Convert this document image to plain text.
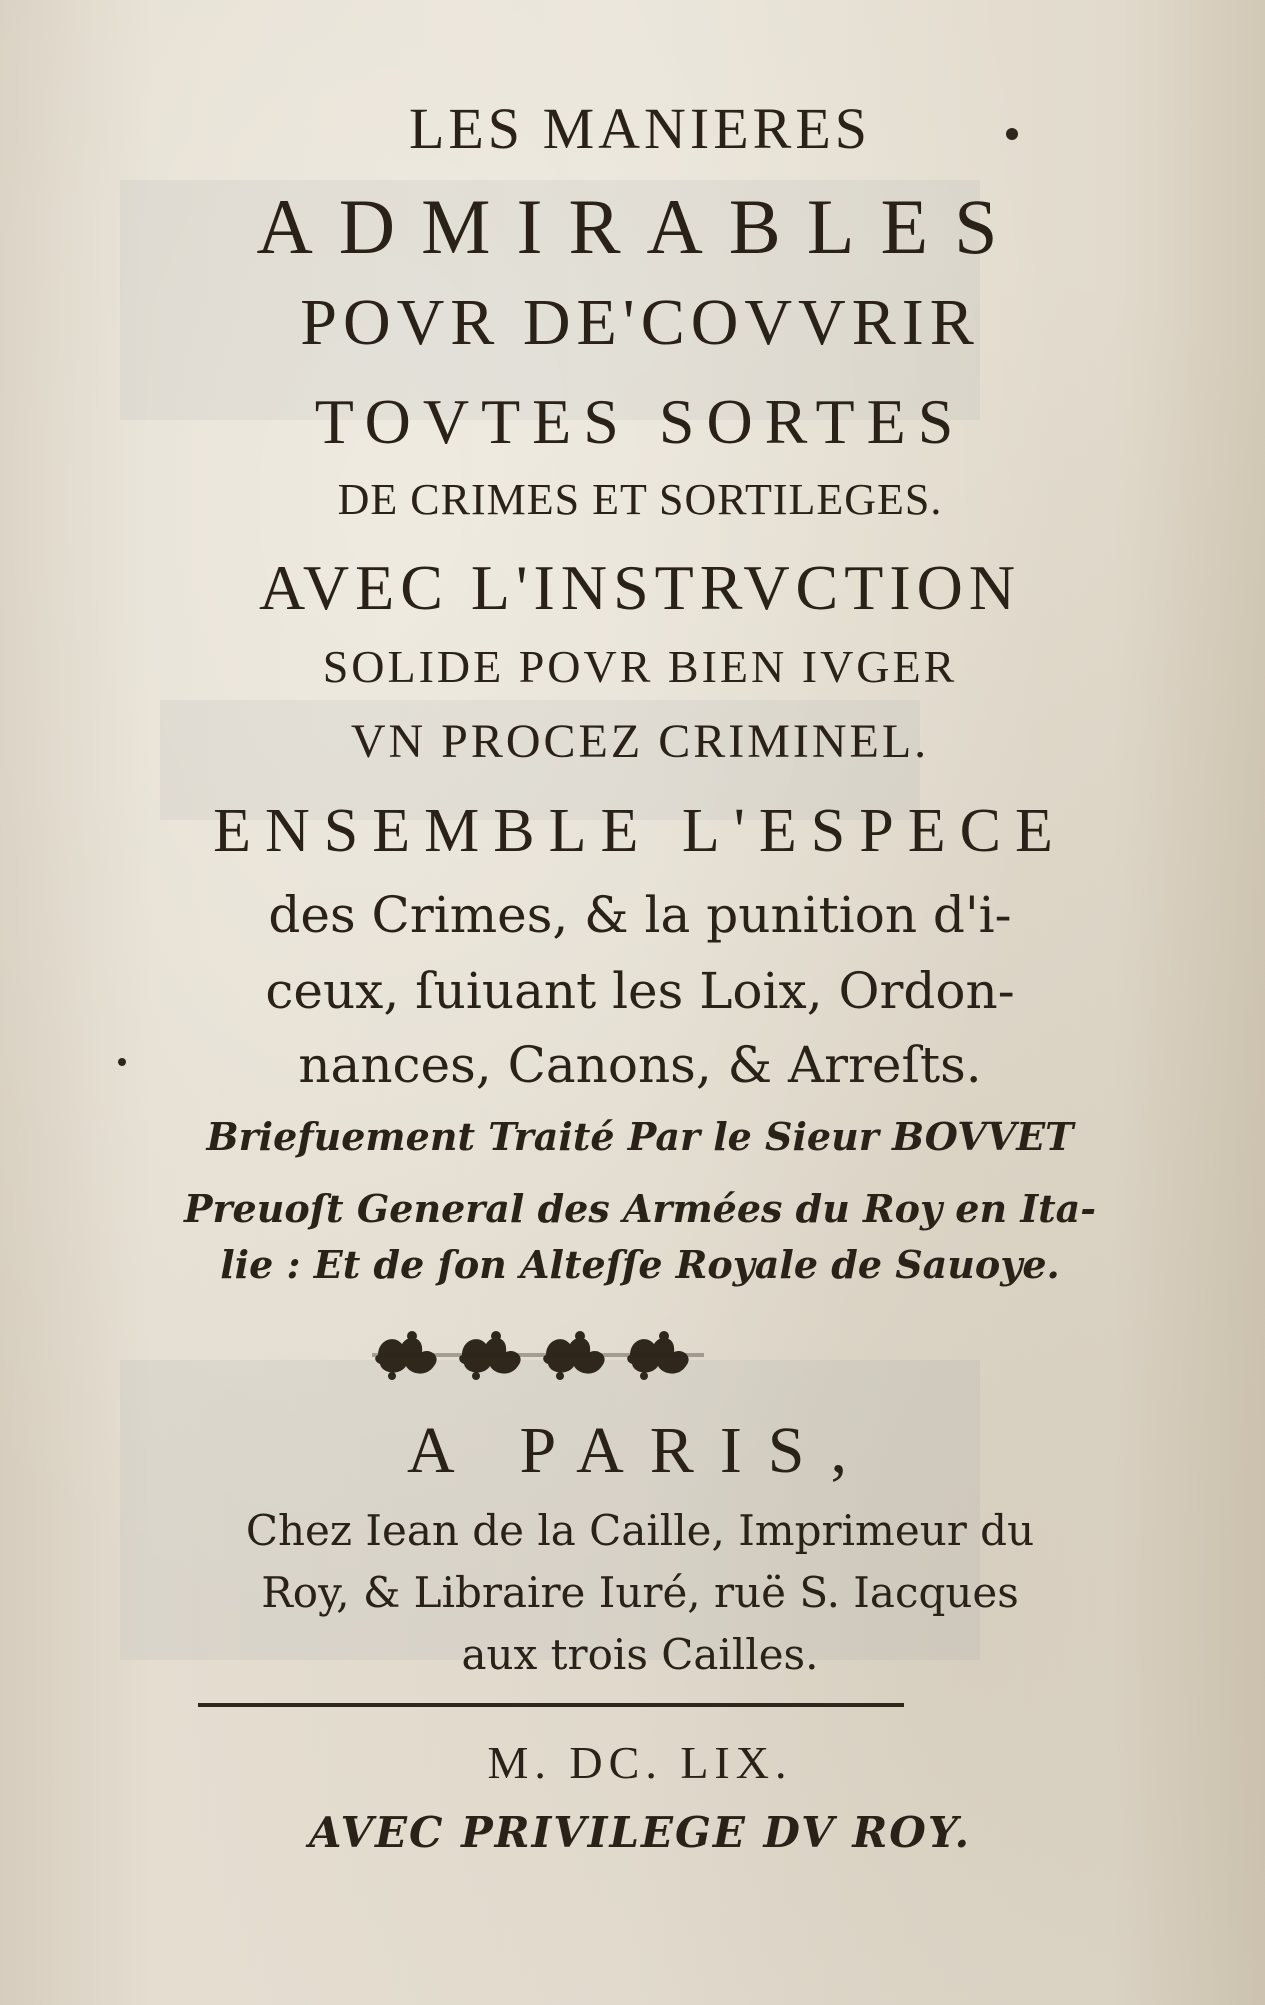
LES MANIERES
ADMIRABLES
POVR DE'COVVRIR
TOVTES SORTES
DE CRIMES ET SORTILEGES.
AVEC L'INSTRVCTION
SOLIDE POVR BIEN IVGER
VN PROCEZ CRIMINEL.
ENSEMBLE L'ESPECE
des Crimes, & la punition d'i-
ceux, ſuiuant les Loix, Ordon-
nances, Canons, & Arreſts.
Briefuement Traité Par le Sieur BOVVET
Preuoſt General des Armées du Roy en Ita-
lie : Et de ſon Alteſſe Royale de Sauoye.
A PARIS,
Chez Iean de la Caille, Imprimeur du
Roy, & Libraire Iuré, ruë S. Iacques
aux trois Cailles.
M. DC. LIX.
AVEC PRIVILEGE DV ROY.
